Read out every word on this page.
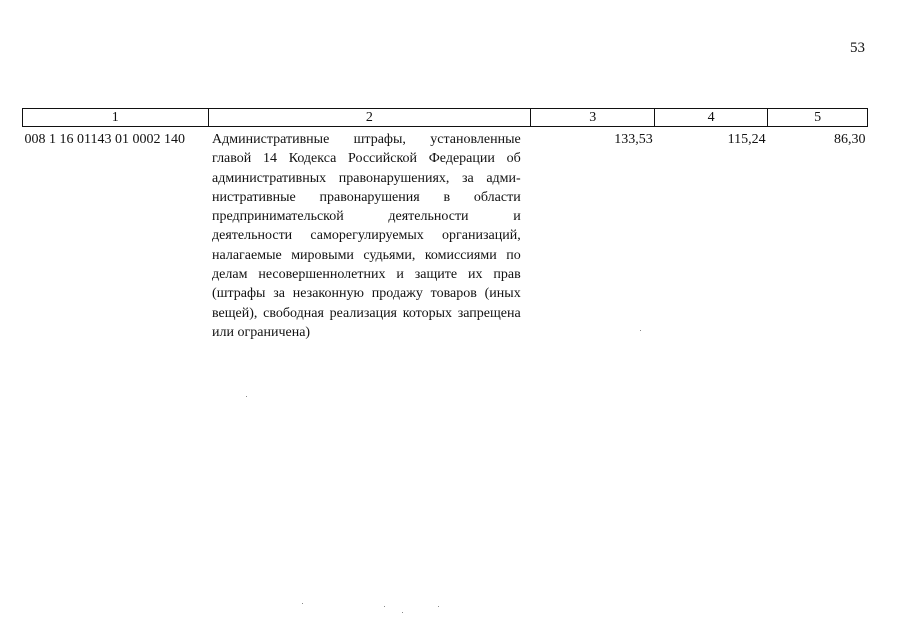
53
1	2	3	4	5
008 1 16 01143 01 0002 140	Административные штрафы, установленные главой 14 Кодекса Российской Федерации об административных правонарушениях, за административные правонарушения в области предпринимательской деятельности и деятельности саморегулируемых организаций, налагаемые мировыми судьями, комиссиями по делам несовершеннолетних и защите их прав (штрафы за незаконную продажу товаров (иных вещей), свободная реализация которых запрещена или ограничена)	133,53	115,24	86,30
